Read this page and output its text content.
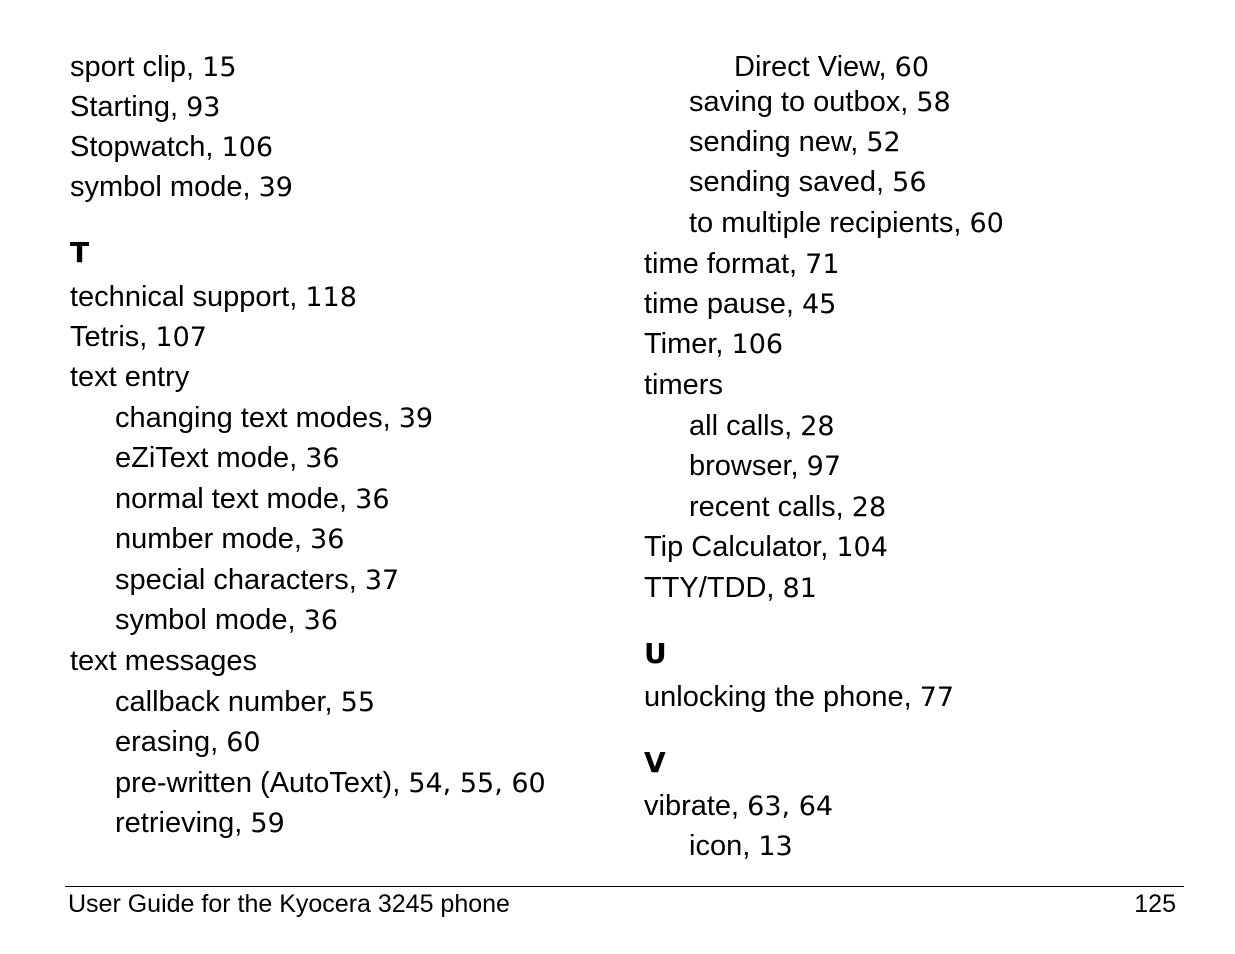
sport clip, 15
Starting, 93
Stopwatch, 106
symbol mode, 39
T
technical support, 118
Tetris, 107
text entry
changing text modes, 39
eZiText mode, 36
normal text mode, 36
number mode, 36
special characters, 37
symbol mode, 36
text messages
callback number, 55
erasing, 60
pre-written (AutoText), 54, 55, 60
retrieving, 59
Direct View, 60
saving to outbox, 58
sending new, 52
sending saved, 56
to multiple recipients, 60
time format, 71
time pause, 45
Timer, 106
timers
all calls, 28
browser, 97
recent calls, 28
Tip Calculator, 104
TTY/TDD, 81
U
unlocking the phone, 77
V
vibrate, 63, 64
icon, 13
User Guide for the Kyocera 3245 phone	125
